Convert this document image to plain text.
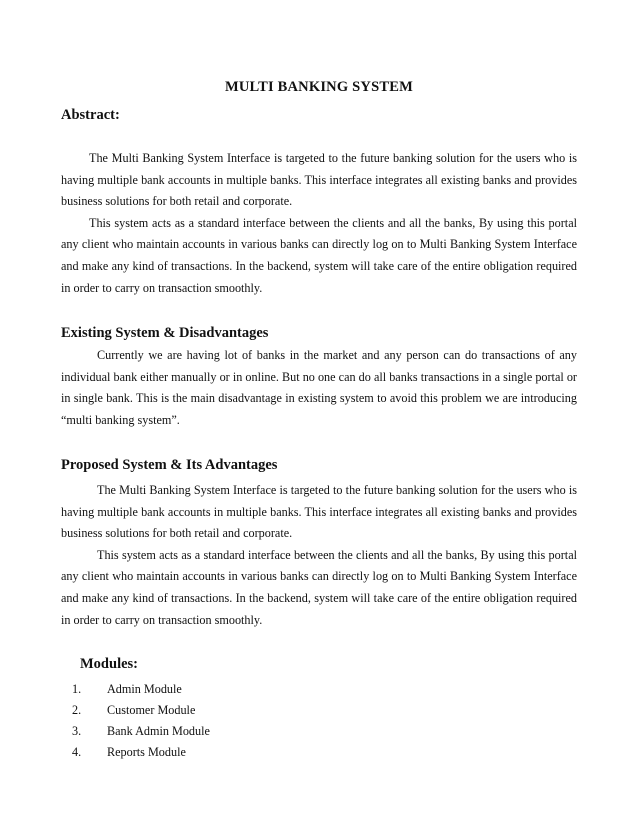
MULTI BANKING SYSTEM
Abstract:

The Multi Banking System Interface is targeted to the future banking solution for the users who is having multiple bank accounts in multiple banks. This interface integrates all existing banks and provides business solutions for both retail and corporate.

This system acts as a standard interface between the clients and all the banks, By using this portal any client who maintain accounts in various banks can directly log on to Multi Banking System Interface and make any kind of transactions. In the backend, system will take care of the entire obligation required in order to carry on transaction smoothly.

Existing System & Disadvantages

Currently we are having lot of banks in the market and any person can do transactions of any individual bank either manually or in online. But no one can do all banks transactions in a single portal or in single bank. This is the main disadvantage in existing system to avoid this problem we are introducing “multi banking system”.

Proposed System & Its Advantages

The Multi Banking System Interface is targeted to the future banking solution for the users who is having multiple bank accounts in multiple banks. This interface integrates all existing banks and provides business solutions for both retail and corporate.

This system acts as a standard interface between the clients and all the banks, By using this portal any client who maintain accounts in various banks can directly log on to Multi Banking System Interface and make any kind of transactions. In the backend, system will take care of the entire obligation required in order to carry on transaction smoothly.

Modules:
1. Admin Module
2. Customer Module
3. Bank Admin Module
4. Reports Module
